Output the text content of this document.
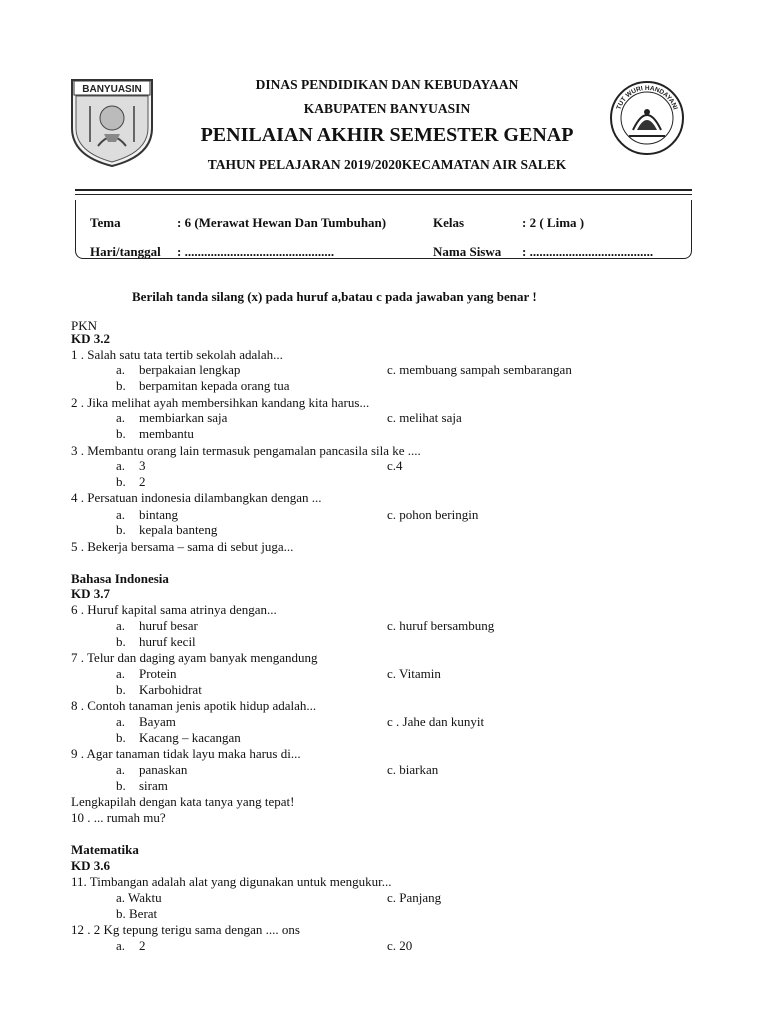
BANYUASIN
TUT WURI HANDAYANI
DINAS PENDIDIKAN DAN KEBUDAYAAN
KABUPATEN BANYUASIN
PENILAIAN AKHIR SEMESTER GENAP
TAHUN PELAJARAN 2019/2020KECAMATAN AIR SALEK
Tema	: 6 (Merawat Hewan Dan Tumbuhan)	Kelas	: 2 ( Lima )
Hari/tanggal : ..............................................	Nama Siswa : ......................................
Berilah tanda silang (x) pada huruf a,batau c pada jawaban yang benar !
PKN
KD 3.2
1 . Salah satu tata tertib sekolah adalah...
a. berpakaian lengkap	c. membuang sampah sembarangan
b. berpamitan kepada orang tua
2 . Jika melihat ayah membersihkan kandang kita harus...
a. membiarkan saja	c. melihat saja
b. membantu
3 . Membantu orang lain termasuk pengamalan pancasila sila ke ....
a. 3	c.4
b. 2
4 . Persatuan indonesia dilambangkan dengan ...
a. bintang	c. pohon beringin
b. kepala banteng
5 . Bekerja bersama – sama di sebut juga...
Bahasa Indonesia
KD 3.7
6 . Huruf kapital sama atrinya dengan...
a. huruf besar	c. huruf bersambung
b. huruf kecil
7 . Telur dan daging ayam banyak mengandung
a. Protein	c. Vitamin
b. Karbohidrat
8 . Contoh tanaman jenis apotik hidup adalah...
a. Bayam	c . Jahe dan kunyit
b. Kacang – kacangan
9 . Agar tanaman tidak layu maka harus di...
a. panaskan	c. biarkan
b. siram
Lengkapilah dengan kata tanya yang tepat!
10 . ... rumah mu?
Matematika
KD 3.6
11. Timbangan adalah alat yang digunakan untuk mengukur...
a. Waktu	c. Panjang
b. Berat
12 . 2 Kg tepung terigu sama dengan .... ons
a. 2	c. 20
